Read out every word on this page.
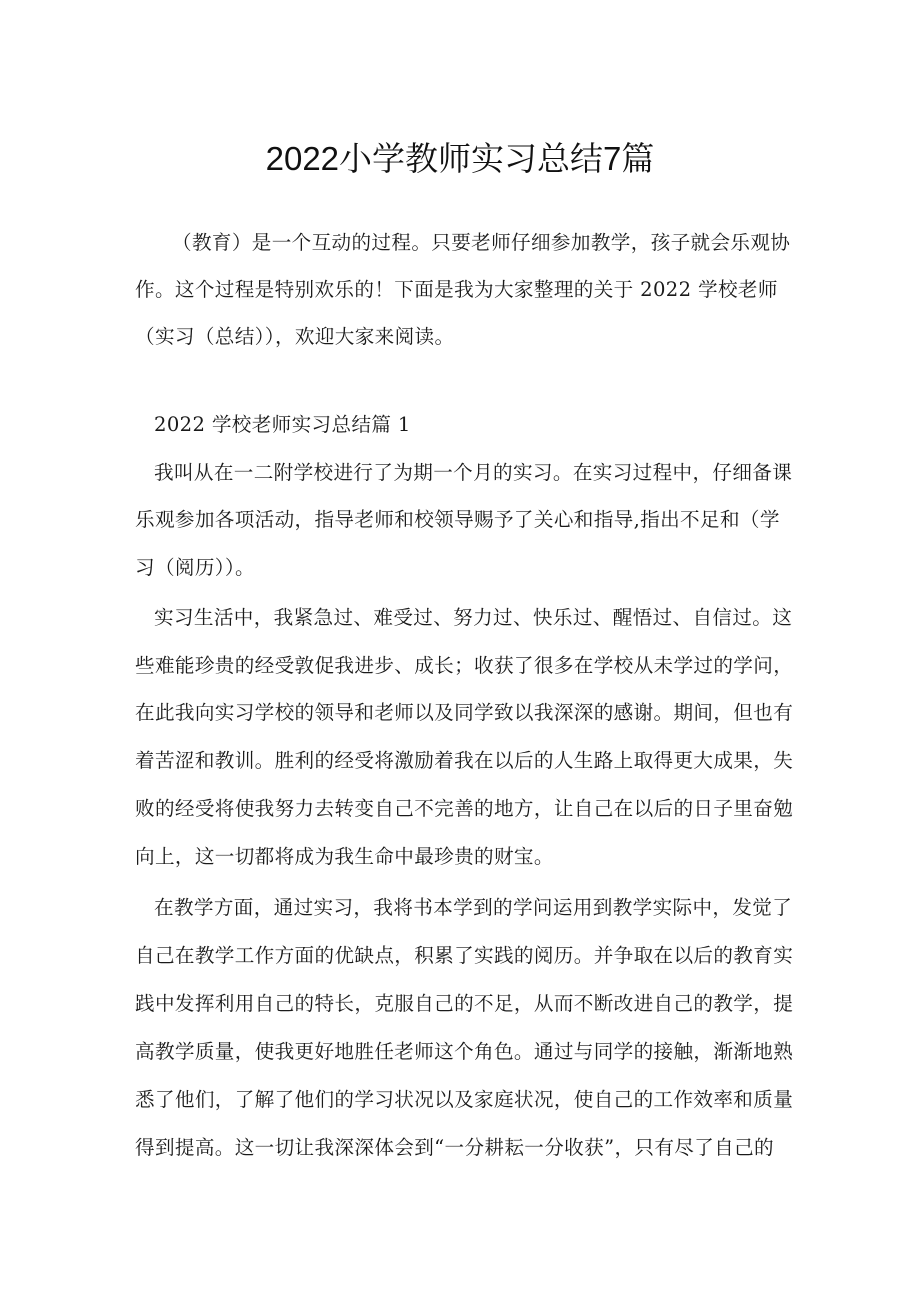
2022小学教师实习总结7篇

（教育）是一个互动的过程。只要老师仔细参加教学，孩子就会乐观协

作。这个过程是特别欢乐的！下面是我为大家整理的关于 2022 学校老师

（实习（总结）），欢迎大家来阅读。

2022 学校老师实习总结篇 1

我叫从在一二附学校进行了为期一个月的实习。在实习过程中，仔细备课

乐观参加各项活动，指导老师和校领导赐予了关心和指导,指出不足和（学

习（阅历））。

实习生活中，我紧急过、难受过、努力过、快乐过、醒悟过、自信过。这

些难能珍贵的经受敦促我进步、成长；收获了很多在学校从未学过的学问，

在此我向实习学校的领导和老师以及同学致以我深深的感谢。期间，但也有

着苦涩和教训。胜利的经受将激励着我在以后的人生路上取得更大成果，失

败的经受将使我努力去转变自己不完善的地方，让自己在以后的日子里奋勉

向上，这一切都将成为我生命中最珍贵的财宝。

在教学方面，通过实习，我将书本学到的学问运用到教学实际中，发觉了

自己在教学工作方面的优缺点，积累了实践的阅历。并争取在以后的教育实

践中发挥利用自己的特长，克服自己的不足，从而不断改进自己的教学，提

高教学质量，使我更好地胜任老师这个角色。通过与同学的接触，渐渐地熟

悉了他们，了解了他们的学习状况以及家庭状况，使自己的工作效率和质量

得到提高。这一切让我深深体会到“一分耕耘一分收获”，只有尽了自己的
